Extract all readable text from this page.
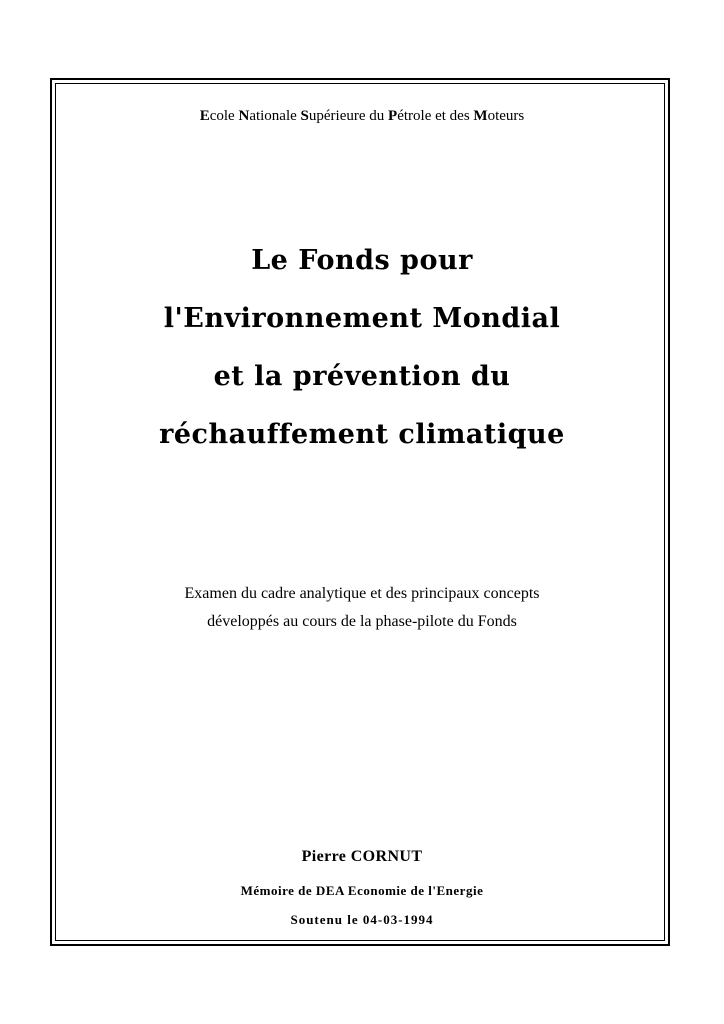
Ecole Nationale Supérieure du Pétrole et des Moteurs
Le Fonds pour
l'Environnement Mondial
et la prévention du
réchauffement climatique
Examen du cadre analytique et des principaux concepts
développés au cours de la phase-pilote du Fonds
Pierre CORNUT
Mémoire de DEA Economie de l'Energie
Soutenu le 04-03-1994
